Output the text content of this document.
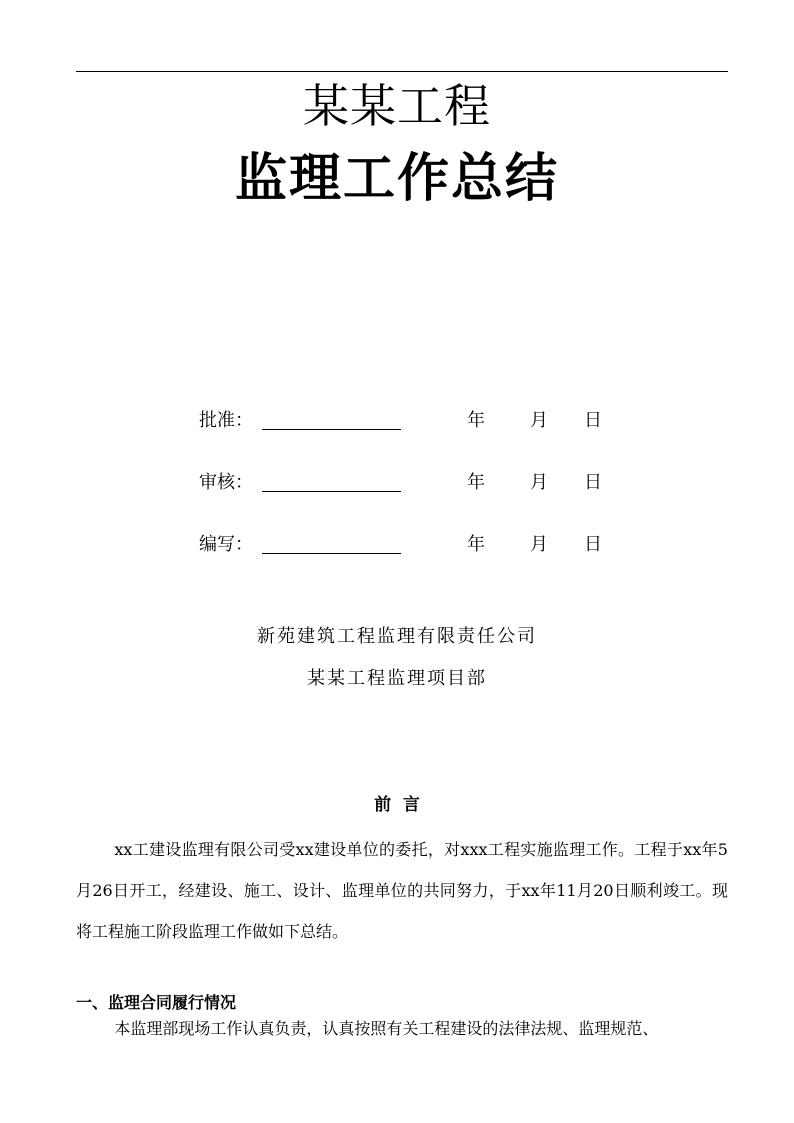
某某工程
监理工作总结
批准：	年	月 日
审核：	年	月 日
编写：	年	月 日
新苑建筑工程监理有限责任公司
某某工程监理项目部
前  言
xx工建设监理有限公司受xx建设单位的委托，对xxx工程实施监理工作。工程于xx年5月26日开工，经建设、施工、设计、监理单位的共同努力，于xx年11月20日顺利竣工。现将工程施工阶段监理工作做如下总结。
一、监理合同履行情况
本监理部现场工作认真负责，认真按照有关工程建设的法律法规、监理规范、
